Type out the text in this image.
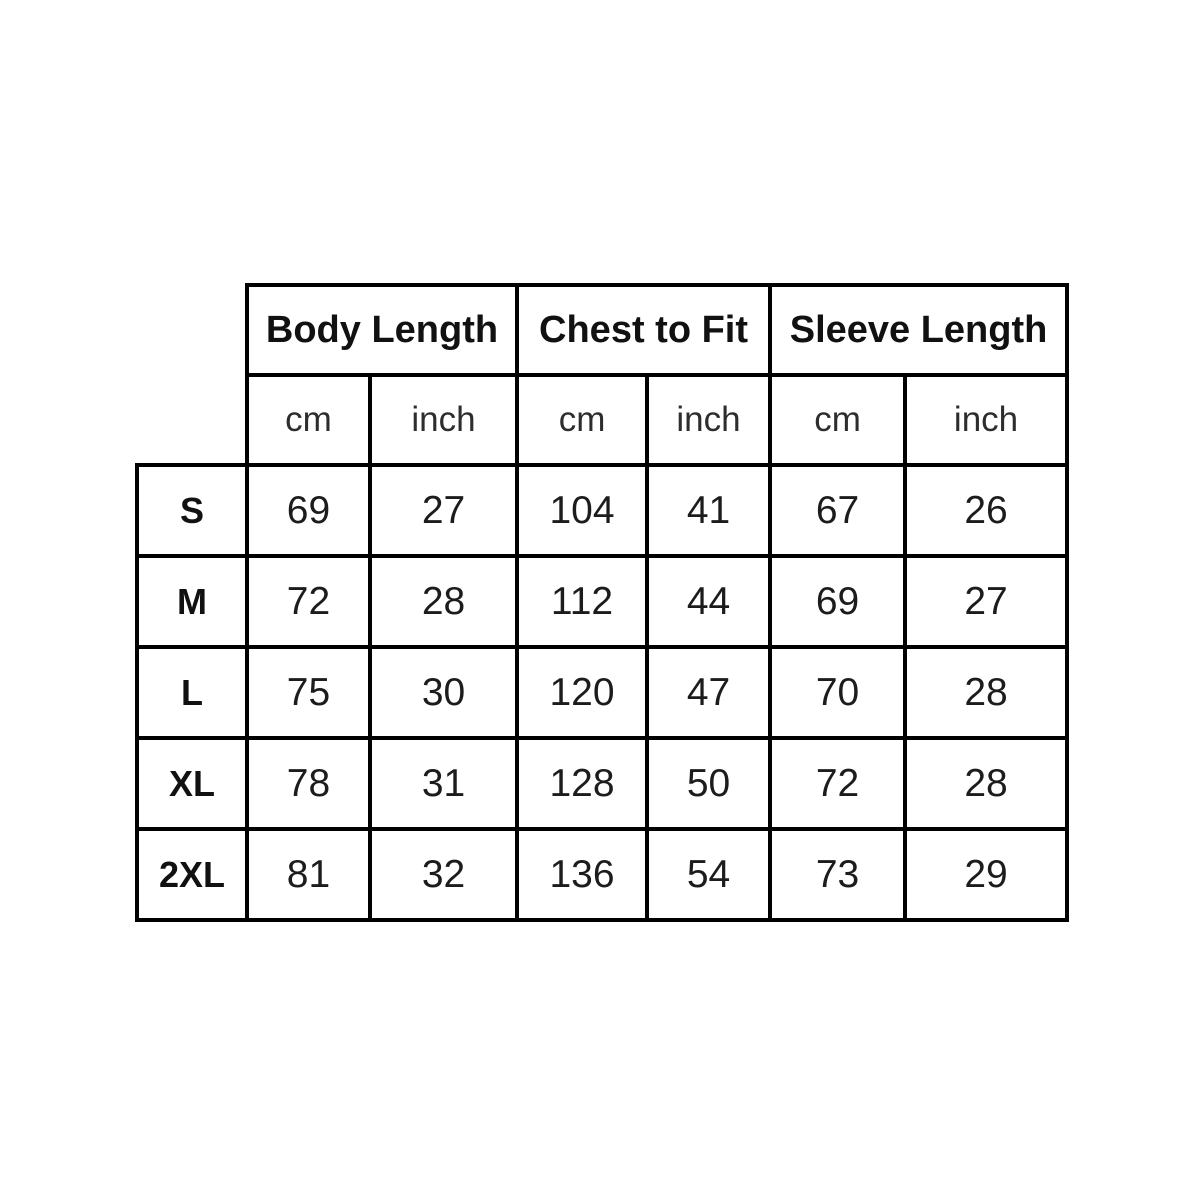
	Body Length		Chest to Fit		Sleeve Length	
	cm	inch	cm	inch	cm	inch
S	69	27	104	41	67	26
M	72	28	112	44	69	27
L	75	30	120	47	70	28
XL	78	31	128	50	72	28
2XL	81	32	136	54	73	29
